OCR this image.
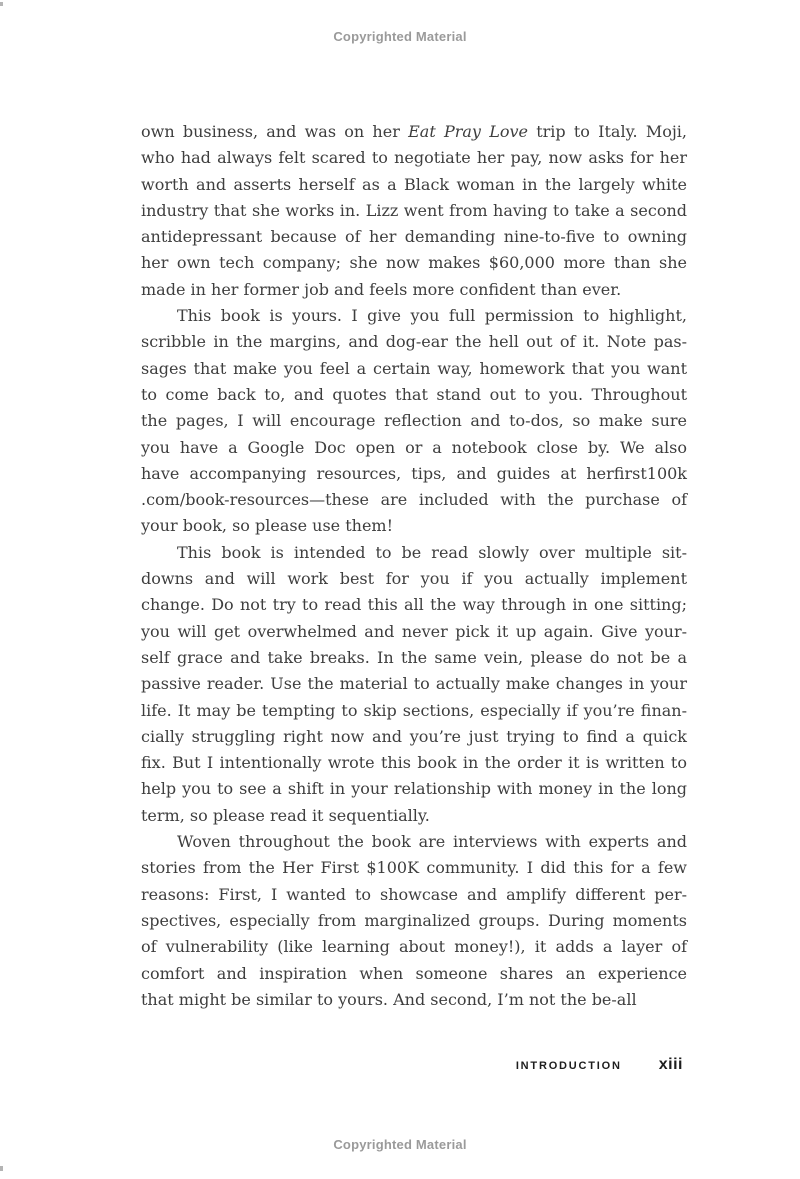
Copyrighted Material
own business, and was on her Eat Pray Love trip to Italy. Moji,
who had always felt scared to negotiate her pay, now asks for her
worth and asserts herself as a Black woman in the largely white
industry that she works in. Lizz went from having to take a second
antidepressant because of her demanding nine-to-five to owning
her own tech company; she now makes $60,000 more than she
made in her former job and feels more confident than ever.
This book is yours. I give you full permission to highlight,
scribble in the margins, and dog-ear the hell out of it. Note pas-
sages that make you feel a certain way, homework that you want
to come back to, and quotes that stand out to you. Throughout
the pages, I will encourage reflection and to-dos, so make sure
you have a Google Doc open or a notebook close by. We also
have accompanying resources, tips, and guides at herfirst100k
.com/book-resources—these are included with the purchase of
your book, so please use them!
This book is intended to be read slowly over multiple sit-
downs and will work best for you if you actually implement
change. Do not try to read this all the way through in one sitting;
you will get overwhelmed and never pick it up again. Give your-
self grace and take breaks. In the same vein, please do not be a
passive reader. Use the material to actually make changes in your
life. It may be tempting to skip sections, especially if you’re finan-
cially struggling right now and you’re just trying to find a quick
fix. But I intentionally wrote this book in the order it is written to
help you to see a shift in your relationship with money in the long
term, so please read it sequentially.
Woven throughout the book are interviews with experts and
stories from the Her First $100K community. I did this for a few
reasons: First, I wanted to showcase and amplify different per-
spectives, especially from marginalized groups. During moments
of vulnerability (like learning about money!), it adds a layer of
comfort and inspiration when someone shares an experience
that might be similar to yours. And second, I’m not the be-all
INTRODUCTION xiii
Copyrighted Material
